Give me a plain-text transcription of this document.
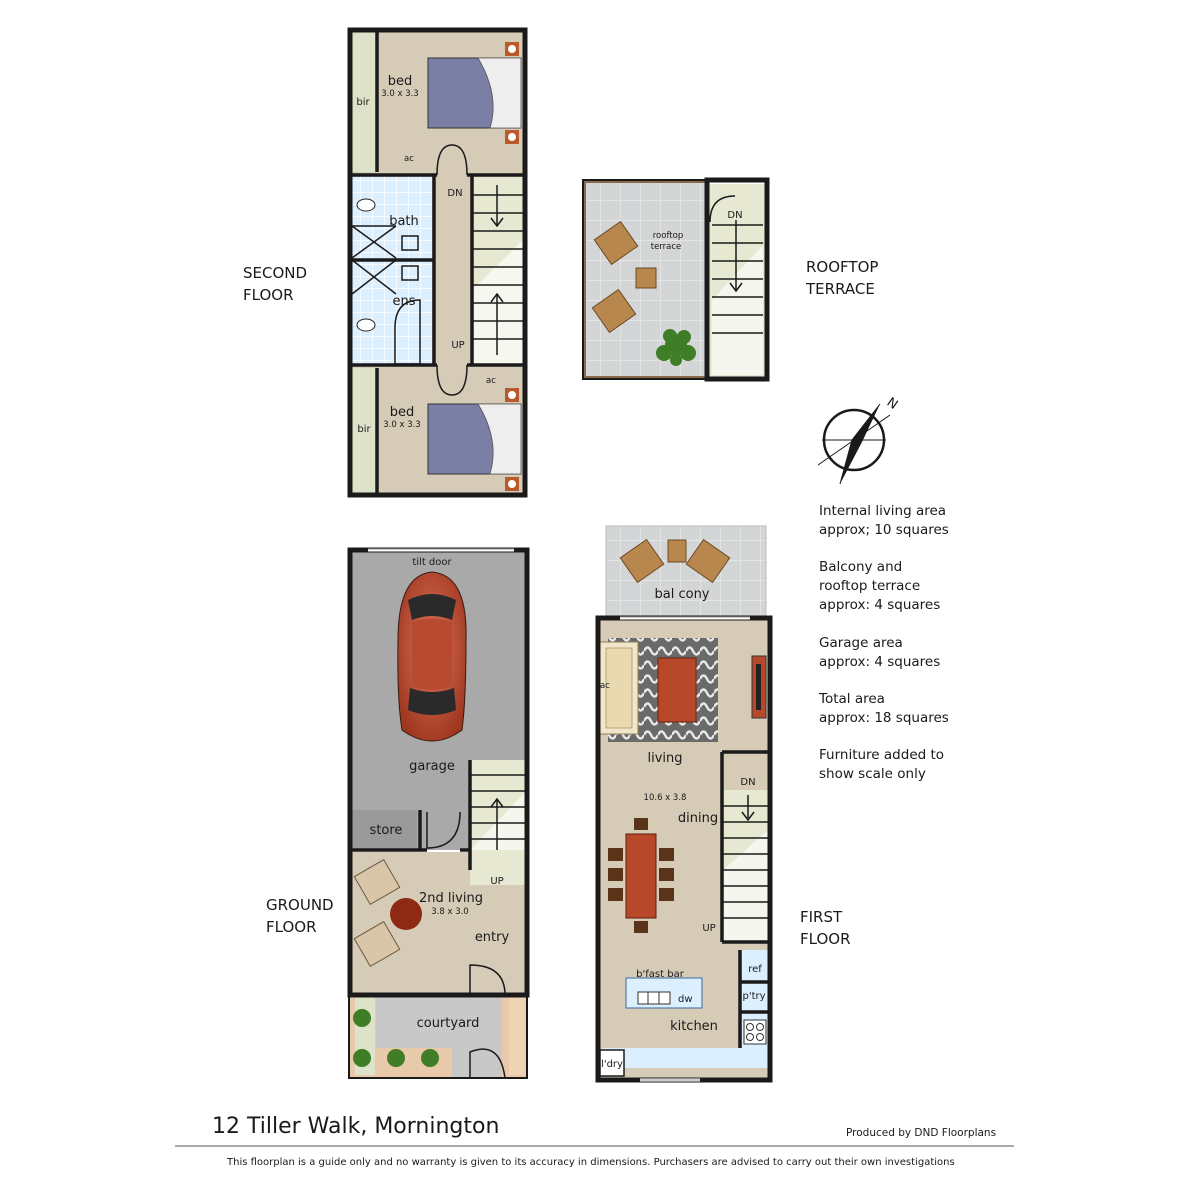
bed
3.0 x 3.3
bir
ac
bath
ens
DN
UP
ac
bed
3.0 x 3.3
bir
SECOND
FLOOR
rooftop
terrace
DN
ROOFTOP
TERRACE
N
Internal living area
approx; 10 squares
Balcony and
rooftop terrace
approx: 4 squares
Garage area
approx: 4 squares
Total area
approx: 18 squares
Furniture added to
show scale only
tilt door
garage
store
UP
2nd living
3.8 x 3.0
entry
courtyard
GROUND
FLOOR
bal cony
ac
living
10.6 x 3.8
dining
DN
UP
b'fast bar
dw
kitchen
ref
p'try
l'dry
FIRST
FLOOR
12 Tiller Walk, Mornington	Produced by DND Floorplans
This floorplan is a guide only and no warranty is given to its accuracy in dimensions. Purchasers are advised to carry out their own investigations
